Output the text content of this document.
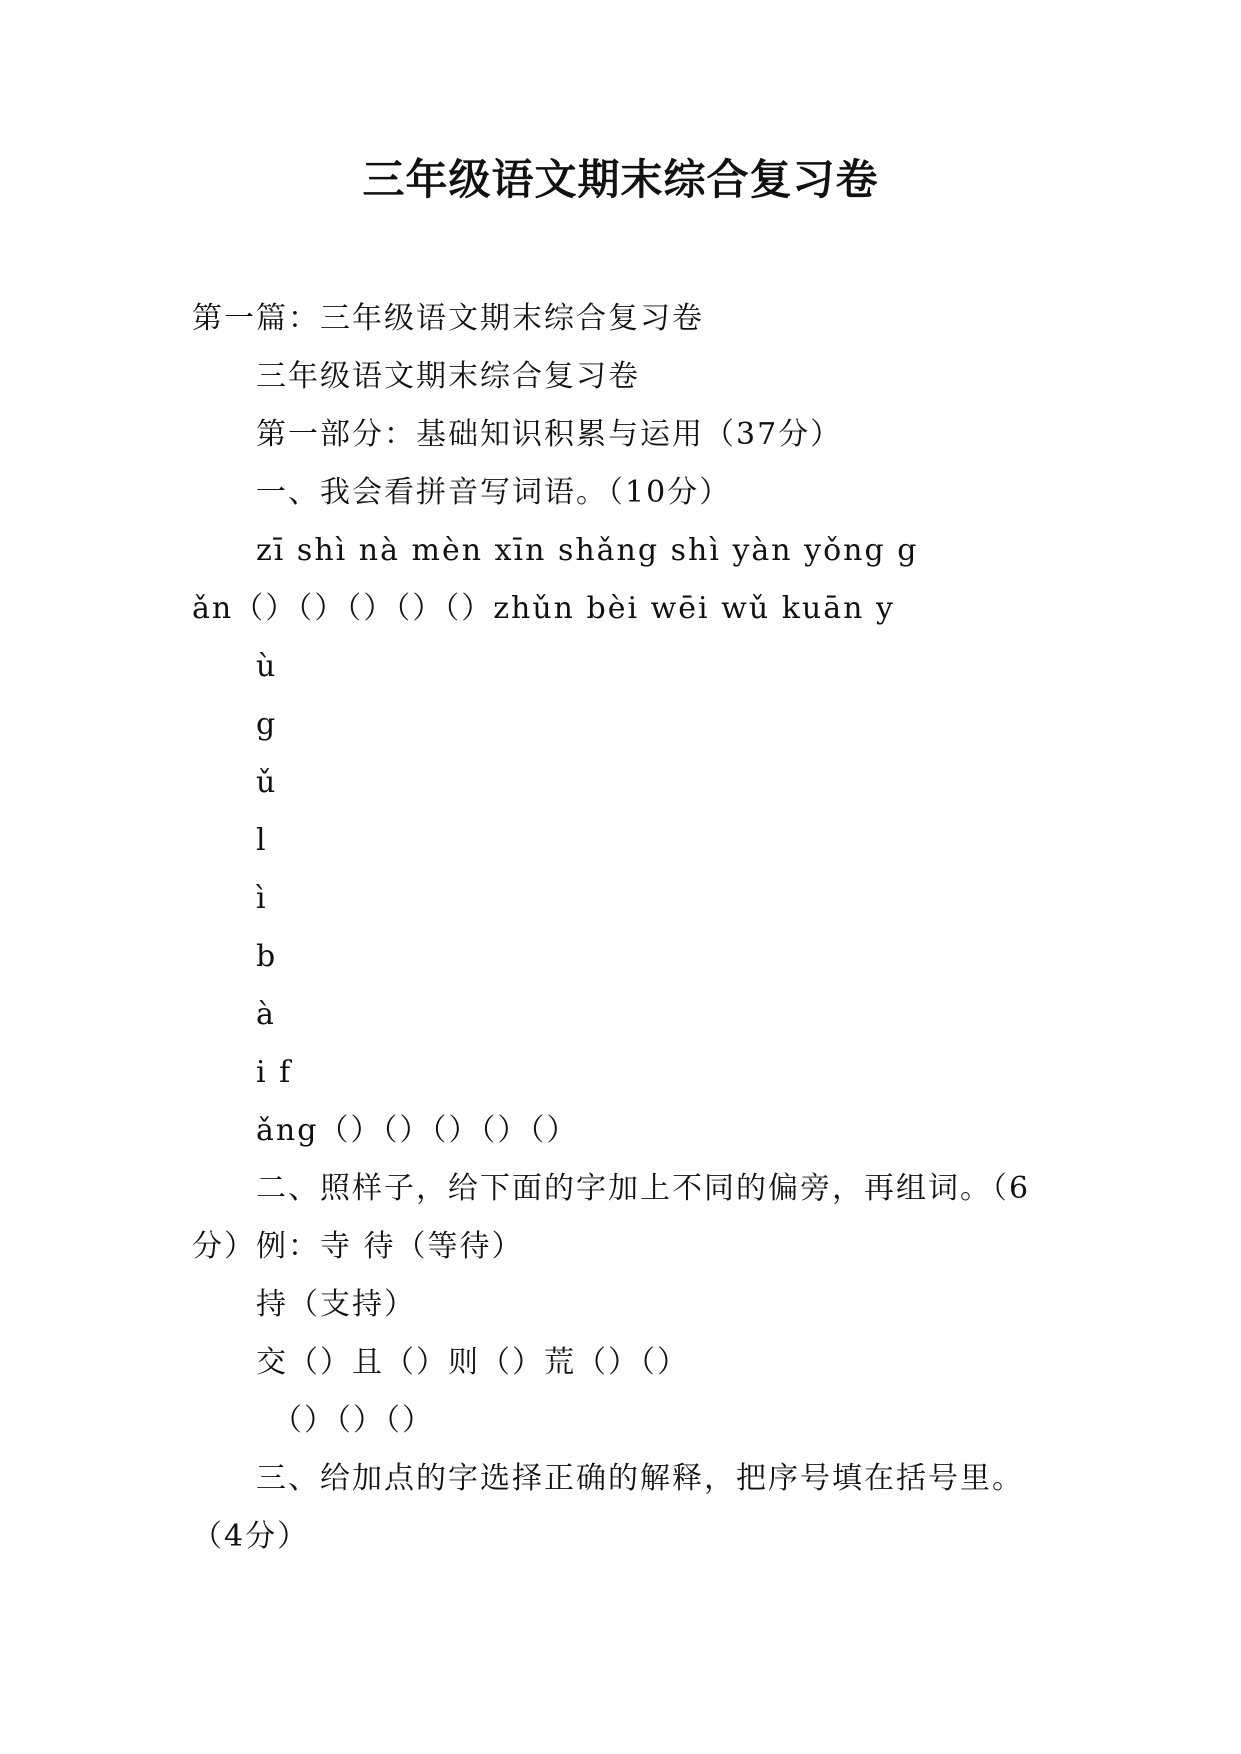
三年级语文期末综合复习卷
第一篇：三年级语文期末综合复习卷
三年级语文期末综合复习卷
第一部分：基础知识积累与运用（37分）
一、我会看拼音写词语。（10分）
zī shì nà mèn xīn shǎng shì yàn yǒng g
ǎn（）（）（）（）（）zhǔn bèi wēi wǔ kuān y
ù
g
ǔ
l
ì
b
à
i f
ǎng（）（）（）（）（）
二、照样子，给下面的字加上不同的偏旁，再组词。（6
分）例：寺 待（等待）
持（支持）
交（）且（）则（）荒（）（）
（）（）（）
三、给加点的字选择正确的解释，把序号填在括号里。
（4分）
